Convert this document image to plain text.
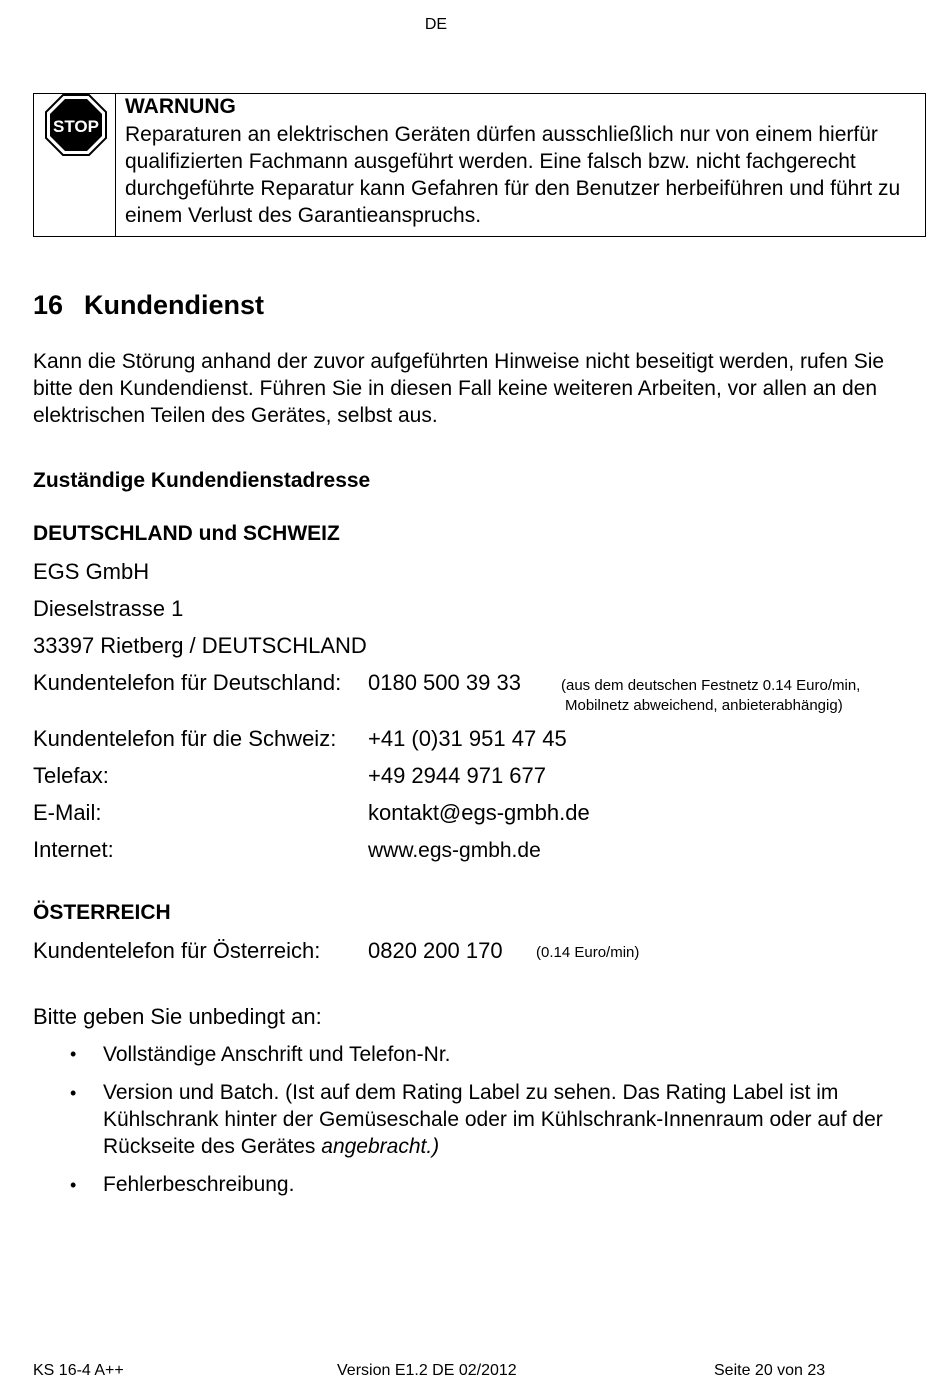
DE
STOP
WARNUNG
Reparaturen an elektrischen Geräten dürfen ausschließlich nur von einem hierfür qualifizierten Fachmann ausgeführt werden. Eine falsch bzw. nicht fachgerecht durchgeführte Reparatur kann Gefahren für den Benutzer herbeiführen und führt zu einem Verlust des Garantieanspruchs.
16 Kundendienst
Kann die Störung anhand der zuvor aufgeführten Hinweise nicht beseitigt werden, rufen Sie bitte den Kundendienst. Führen Sie in diesen Fall keine weiteren Arbeiten, vor allen an den elektrischen Teilen des Gerätes, selbst aus.
Zuständige Kundendienstadresse
DEUTSCHLAND und SCHWEIZ
EGS GmbH
Dieselstrasse 1
33397 Rietberg / DEUTSCHLAND
Kundentelefon für Deutschland: 0180 500 39 33	(aus dem deutschen Festnetz 0.14 Euro/min,
Mobilnetz abweichend, anbieterabhängig)
Kundentelefon für die Schweiz: +41 (0)31 951 47 45
Telefax:	+49 2944 971 677
E-Mail:	kontakt@egs-gmbh.de
Internet:	www.egs-gmbh.de
ÖSTERREICH
Kundentelefon für Österreich: 0820 200 170 (0.14 Euro/min)
Bitte geben Sie unbedingt an:
• Vollständige Anschrift und Telefon-Nr.
• Version und Batch. (Ist auf dem Rating Label zu sehen. Das Rating Label ist im Kühlschrank hinter der Gemüseschale oder im Kühlschrank-Innenraum oder auf der Rückseite des Gerätes angebracht.)
• Fehlerbeschreibung.
KS 16-4 A++	Version E1.2 DE 02/2012	Seite 20 von 23
